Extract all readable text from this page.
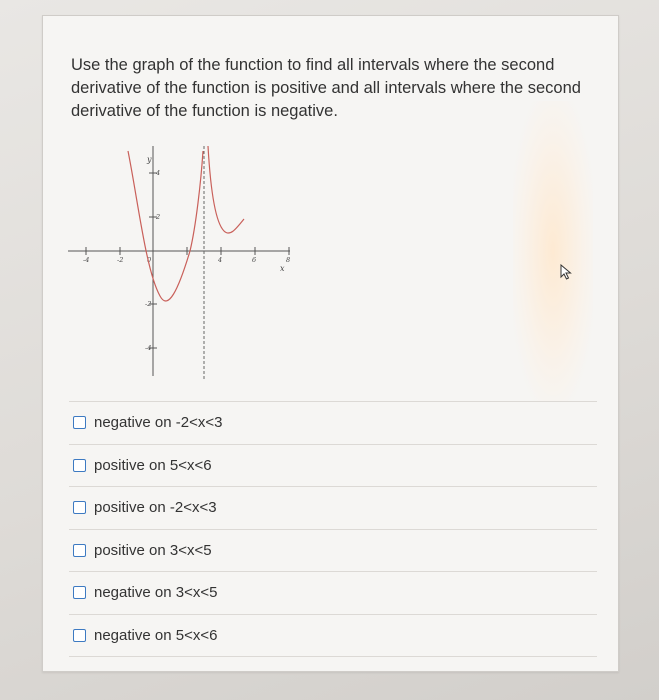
Use the graph of the function to find all intervals where the second derivative of the function is positive and all intervals where the second derivative of the function is negative.

-4	-2	0	4	6	8
4
2
-2
-4
y
x
negative on -2<x<3
positive on 5<x<6
positive on -2<x<3
positive on 3<x<5
negative on 3<x<5
negative on 5<x<6
